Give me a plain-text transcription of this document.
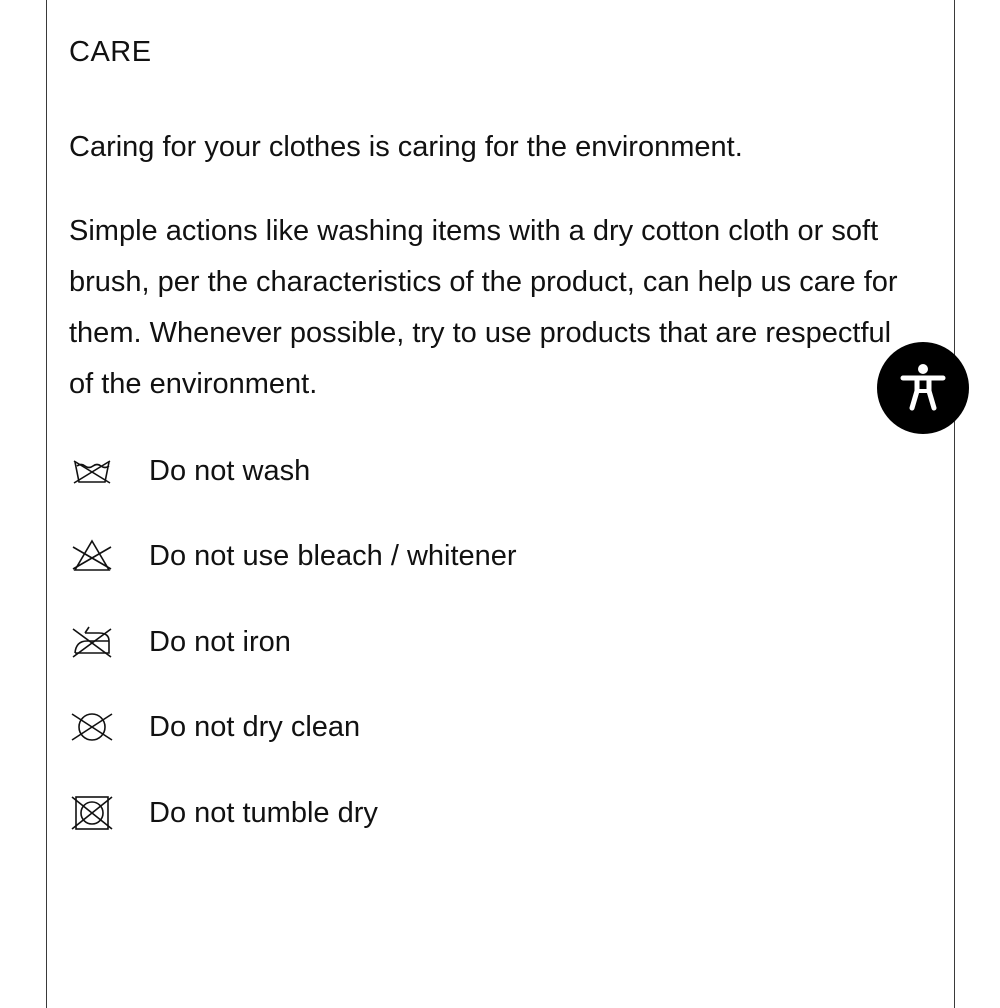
CARE

Caring for your clothes is caring for the environment.

Simple actions like washing items with a dry cotton cloth or soft brush, per the characteristics of the product, can help us care for them. Whenever possible, try to use products that are respectful of the environment.

Do not wash
Do not use bleach / whitener
Do not iron
Do not dry clean
Do not tumble dry
